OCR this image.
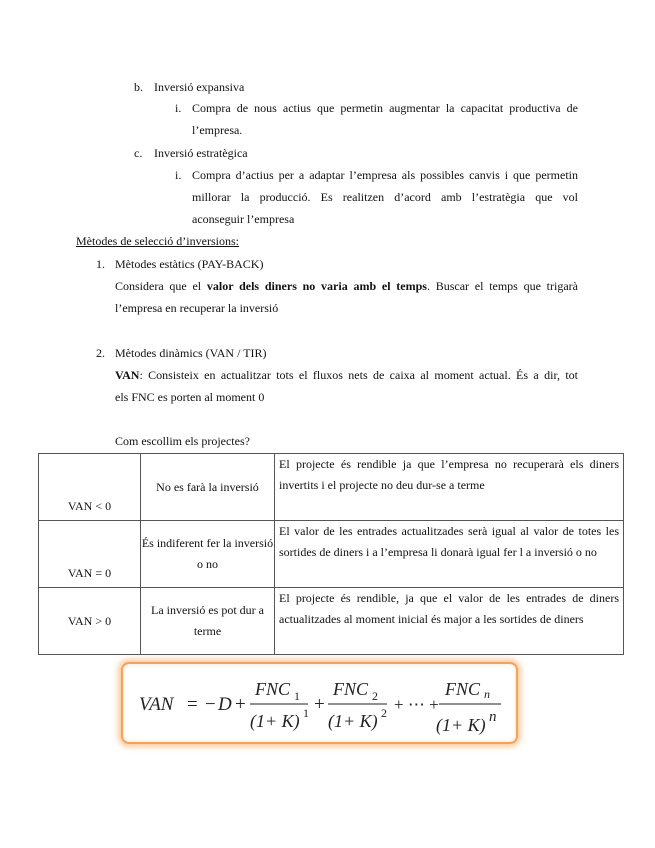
b. Inversió expansiva
i. Compra de nous actius que permetin augmentar la capacitat productiva de
l’empresa.
c. Inversió estratègica
i. Compra d’actius per a adaptar l’empresa als possibles canvis i que permetin
millorar la producció. Es realitzen d’acord amb l’estratègia que vol
aconseguir l’empresa
Mètodes de selecció d’inversions:
1. Mètodes estàtics (PAY-BACK)
Considera que el valor dels diners no varia amb el temps. Buscar el temps que trigarà
l’empresa en recuperar la inversió
2. Mètodes dinàmics (VAN / TIR)
VAN: Consisteix en actualitzar tots el fluxos nets de caixa al moment actual. És a dir, tot
els FNC es porten al moment 0
Com escollim els projectes?
VAN < 0	No es farà la inversió	El projecte és rendible ja que l’empresa no recuperarà els diners invertits i el projecte no deu dur-se a terme

VAN = 0	És indiferent fer la inversió o no	El valor de les entrades actualitzades serà igual al valor de totes les sortides de diners i a l’empresa li donarà igual fer l a inversió o no

VAN > 0	La inversió es pot dur a terme	El projecte és rendible, ja que el valor de les entrades de diners actualitzades al moment inicial és major a les sortides de diners
VAN = − D +
FNC 1
(1+ K) 1 +
FNC 2
(1+ K) 2 + ⋯ +
FNC n
(1+ K) n
